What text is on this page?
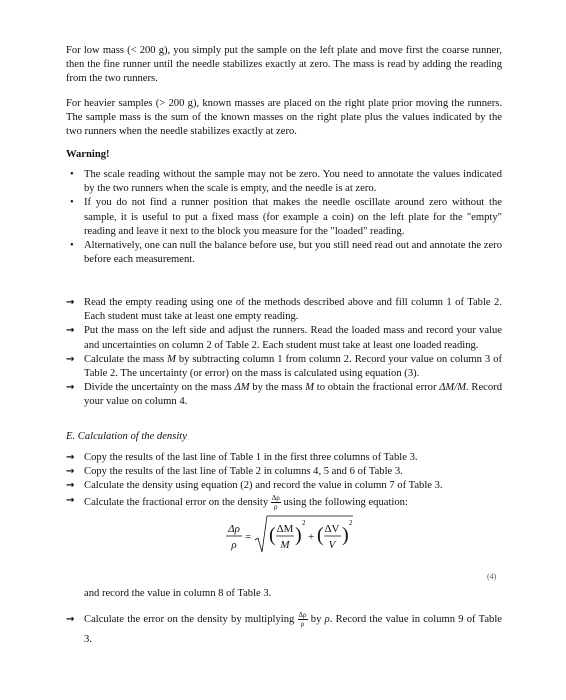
For low mass (< 200 g), you simply put the sample on the left plate and move first the coarse runner, then the fine runner until the needle stabilizes exactly at zero. The mass is read by adding the reading from the two runners.

For heavier samples (> 200 g), known masses are placed on the right plate prior moving the runners. The sample mass is the sum of the known masses on the right plate plus the values indicated by the two runners when the needle stabilizes exactly at zero.

Warning!

• The scale reading without the sample may not be zero. You need to annotate the values indicated by the two runners when the scale is empty, and the needle is at zero.
• If you do not find a runner position that makes the needle oscillate around zero without the sample, it is useful to put a fixed mass (for example a coin) on the left plate for the "empty" reading and leave it next to the block you measure for the "loaded" reading.
• Alternatively, one can null the balance before use, but you still need read out and annotate the zero before each measurement.
→ Read the empty reading using one of the methods described above and fill column 1 of Table 2. Each student must take at least one empty reading.
→ Put the mass on the left side and adjust the runners. Read the loaded mass and record your value and uncertainties on column 2 of Table 2. Each student must take at least one loaded reading.
→ Calculate the mass M by subtracting column 1 from column 2. Record your value on column 3 of Table 2. The uncertainty (or error) on the mass is calculated using equation (3).
→ Divide the uncertainty on the mass ΔM by the mass M to obtain the fractional error ΔM/M. Record your value on column 4.

E. Calculation of the density

→ Copy the results of the last line of Table 1 in the first three columns of Table 3.
→ Copy the results of the last line of Table 2 in columns 4, 5 and 6 of Table 3.
→ Calculate the density using equation (2) and record the value in column 7 of Table 3.
→ Calculate the fractional error on the density $\frac{\Delta\rho}{\rho}$ using the following equation:
Δρ
ρ
= ( ΔM
M )
2
+ ( ΔV
V )
2
(4)

and record the value in column 8 of Table 3.

→ Calculate the error on the density by multiplying $\frac{\Delta\rho}{\rho}$ by ρ. Record the value in column 9 of Table 3.
